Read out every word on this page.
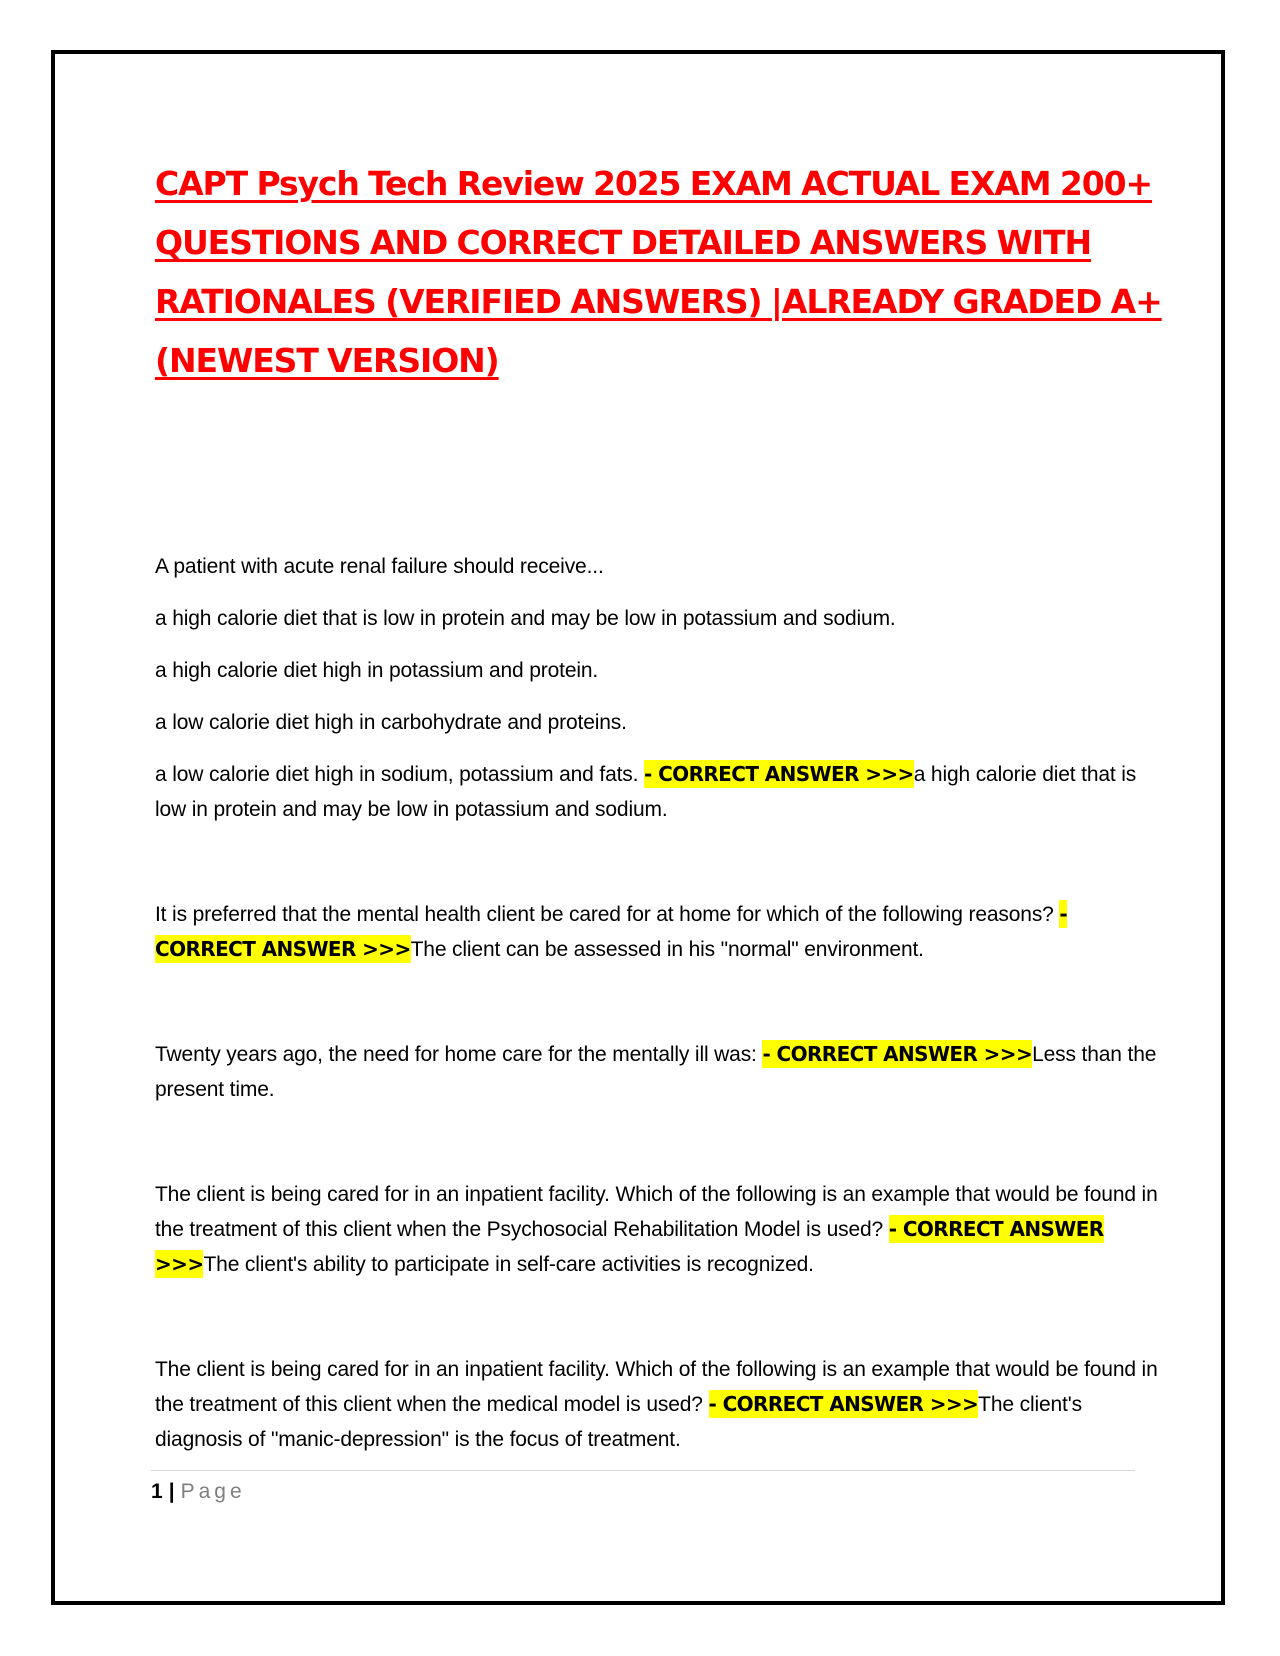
CAPT Psych Tech Review 2025 EXAM ACTUAL EXAM 200+ QUESTIONS AND CORRECT DETAILED ANSWERS WITH RATIONALES (VERIFIED ANSWERS) |ALREADY GRADED A+ (NEWEST VERSION)

A patient with acute renal failure should receive...

a high calorie diet that is low in protein and may be low in potassium and sodium.

a high calorie diet high in potassium and protein.

a low calorie diet high in carbohydrate and proteins.

a low calorie diet high in sodium, potassium and fats. - CORRECT ANSWER >>>a high calorie diet that is low in protein and may be low in potassium and sodium.

It is preferred that the mental health client be cared for at home for which of the following reasons? - CORRECT ANSWER >>>The client can be assessed in his "normal" environment.

Twenty years ago, the need for home care for the mentally ill was: - CORRECT ANSWER >>>Less than the present time.

The client is being cared for in an inpatient facility. Which of the following is an example that would be found in the treatment of this client when the Psychosocial Rehabilitation Model is used? - CORRECT ANSWER >>>The client's ability to participate in self-care activities is recognized.

The client is being cared for in an inpatient facility. Which of the following is an example that would be found in the treatment of this client when the medical model is used? - CORRECT ANSWER >>>The client's diagnosis of "manic-depression" is the focus of treatment.

1 | Page
